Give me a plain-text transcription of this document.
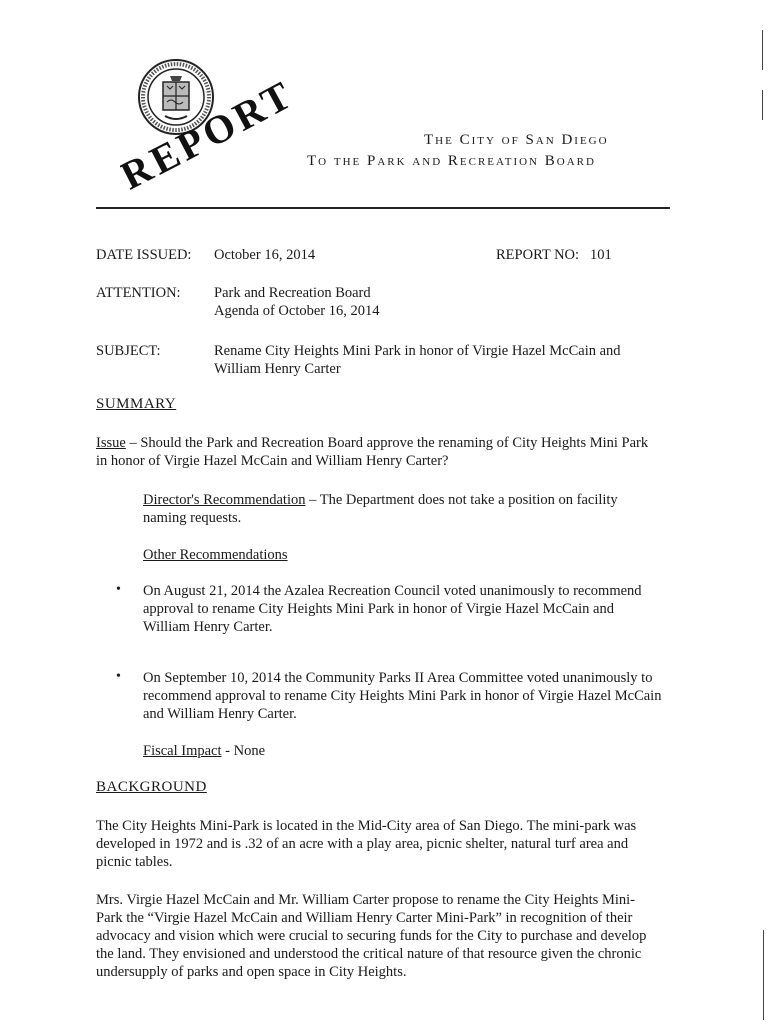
EPORT
The City of San Diego
To the Park and Recreation Board
DATE ISSUED: October 16, 2014	REPORT NO: 101
ATTENTION: Park and Recreation Board
Agenda of October 16, 2014
SUBJECT:	Rename City Heights Mini Park in honor of Virgie Hazel McCain and
William Henry Carter
SUMMARY
Issue – Should the Park and Recreation Board approve the renaming of City Heights Mini Park
in honor of Virgie Hazel McCain and William Henry Carter?
Director's Recommendation – The Department does not take a position on facility
naming requests.
Other Recommendations
• On August 21, 2014 the Azalea Recreation Council voted unanimously to recommend
approval to rename City Heights Mini Park in honor of Virgie Hazel McCain and
William Henry Carter.
• On September 10, 2014 the Community Parks II Area Committee voted unanimously to
recommend approval to rename City Heights Mini Park in honor of Virgie Hazel McCain
and William Henry Carter.
Fiscal Impact - None
BACKGROUND
The City Heights Mini-Park is located in the Mid-City area of San Diego. The mini-park was
developed in 1972 and is .32 of an acre with a play area, picnic shelter, natural turf area and
picnic tables.
Mrs. Virgie Hazel McCain and Mr. William Carter propose to rename the City Heights Mini-
Park the “Virgie Hazel McCain and William Henry Carter Mini-Park” in recognition of their
advocacy and vision which were crucial to securing funds for the City to purchase and develop
the land. They envisioned and understood the critical nature of that resource given the chronic
undersupply of parks and open space in City Heights.
